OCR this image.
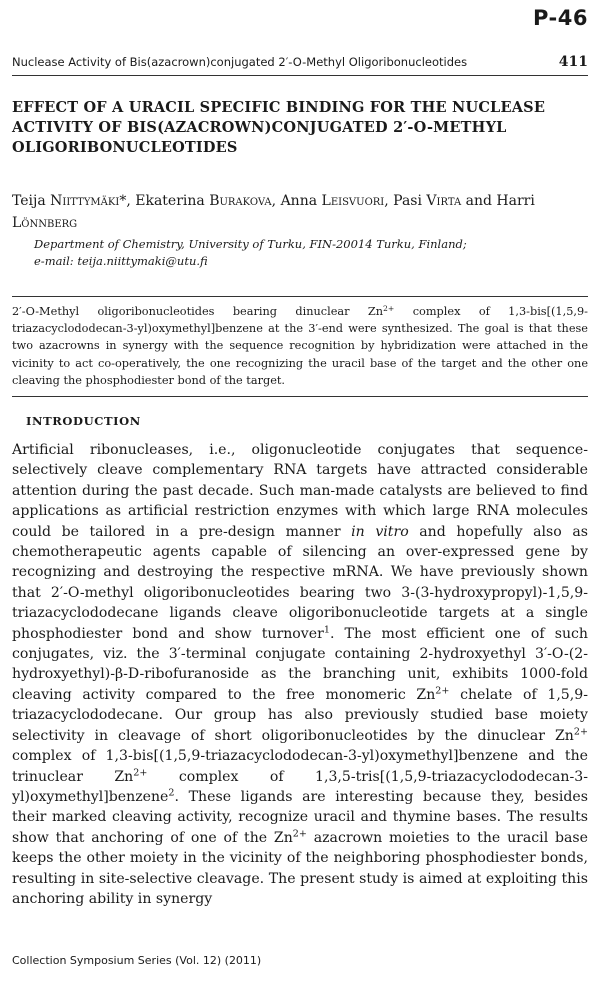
P-46
Nuclease Activity of Bis(azacrown)conjugated 2′-O-Methyl Oligoribonucleotides	411
EFFECT OF A URACIL SPECIFIC BINDING FOR THE NUCLEASE ACTIVITY OF BIS(AZACROWN)CONJUGATED 2′-O-METHYL OLIGORIBONUCLEOTIDES
Teija Niittymäki*, Ekaterina Burakova, Anna Leisvuori, Pasi Virta and Harri Lönnberg
Department of Chemistry, University of Turku, FIN-20014 Turku, Finland;
e-mail: teija.niittymaki@utu.fi
2′-O-Methyl oligoribonucleotides bearing dinuclear $Zn^{2+}$ complex of 1,3-bis[(1,5,9-triazacyclododecan-3-yl)oxymethyl]benzene at the 3′-end were synthesized. The goal is that these two azacrowns in synergy with the sequence recognition by hybridization were attached in the vicinity to act co-operatively, the one recognizing the uracil base of the target and the other one cleaving the phosphodiester bond of the target.
INTRODUCTION

Artificial ribonucleases, i.e., oligonucleotide conjugates that sequence-selectively cleave complementary RNA targets have attracted considerable attention during the past decade. Such man-made catalysts are believed to find applications as artificial restriction enzymes with which large RNA molecules could be tailored in a pre-design manner in vitro and hopefully also as chemotherapeutic agents capable of silencing an over-expressed gene by recognizing and destroying the respective mRNA. We have previously shown that 2′-O-methyl oligoribonucleotides bearing two 3-(3-hydroxypropyl)-1,5,9-triazacyclododecane ligands cleave oligoribonucleotide targets at a single phosphodiester bond and show turnover$^1$. The most efficient one of such conjugates, viz. the 3′-terminal conjugate containing 2-hydroxyethyl 3′-O-(2-hydroxyethyl)-β-D-ribofuranoside as the branching unit, exhibits 1000-fold cleaving activity compared to the free monomeric $Zn^{2+}$ chelate of 1,5,9-triazacyclododecane. Our group has also previously studied base moiety selectivity in cleavage of short oligoribonucleotides by the dinuclear $Zn^{2+}$ complex of 1,3-bis[(1,5,9-triazacyclododecan-3-yl)oxymethyl]benzene and the trinuclear $Zn^{2+}$ complex of 1,3,5-tris[(1,5,9-triazacyclododecan-3-yl)oxymethyl]benzene$^2$. These ligands are interesting because they, besides their marked cleaving activity, recognize uracil and thymine bases. The results show that anchoring of one of the $Zn^{2+}$ azacrown moieties to the uracil base keeps the other moiety in the vicinity of the neighboring phosphodiester bonds, resulting in site-selective cleavage. The present study is aimed at exploiting this anchoring ability in synergy

Collection Symposium Series (Vol. 12) (2011)
